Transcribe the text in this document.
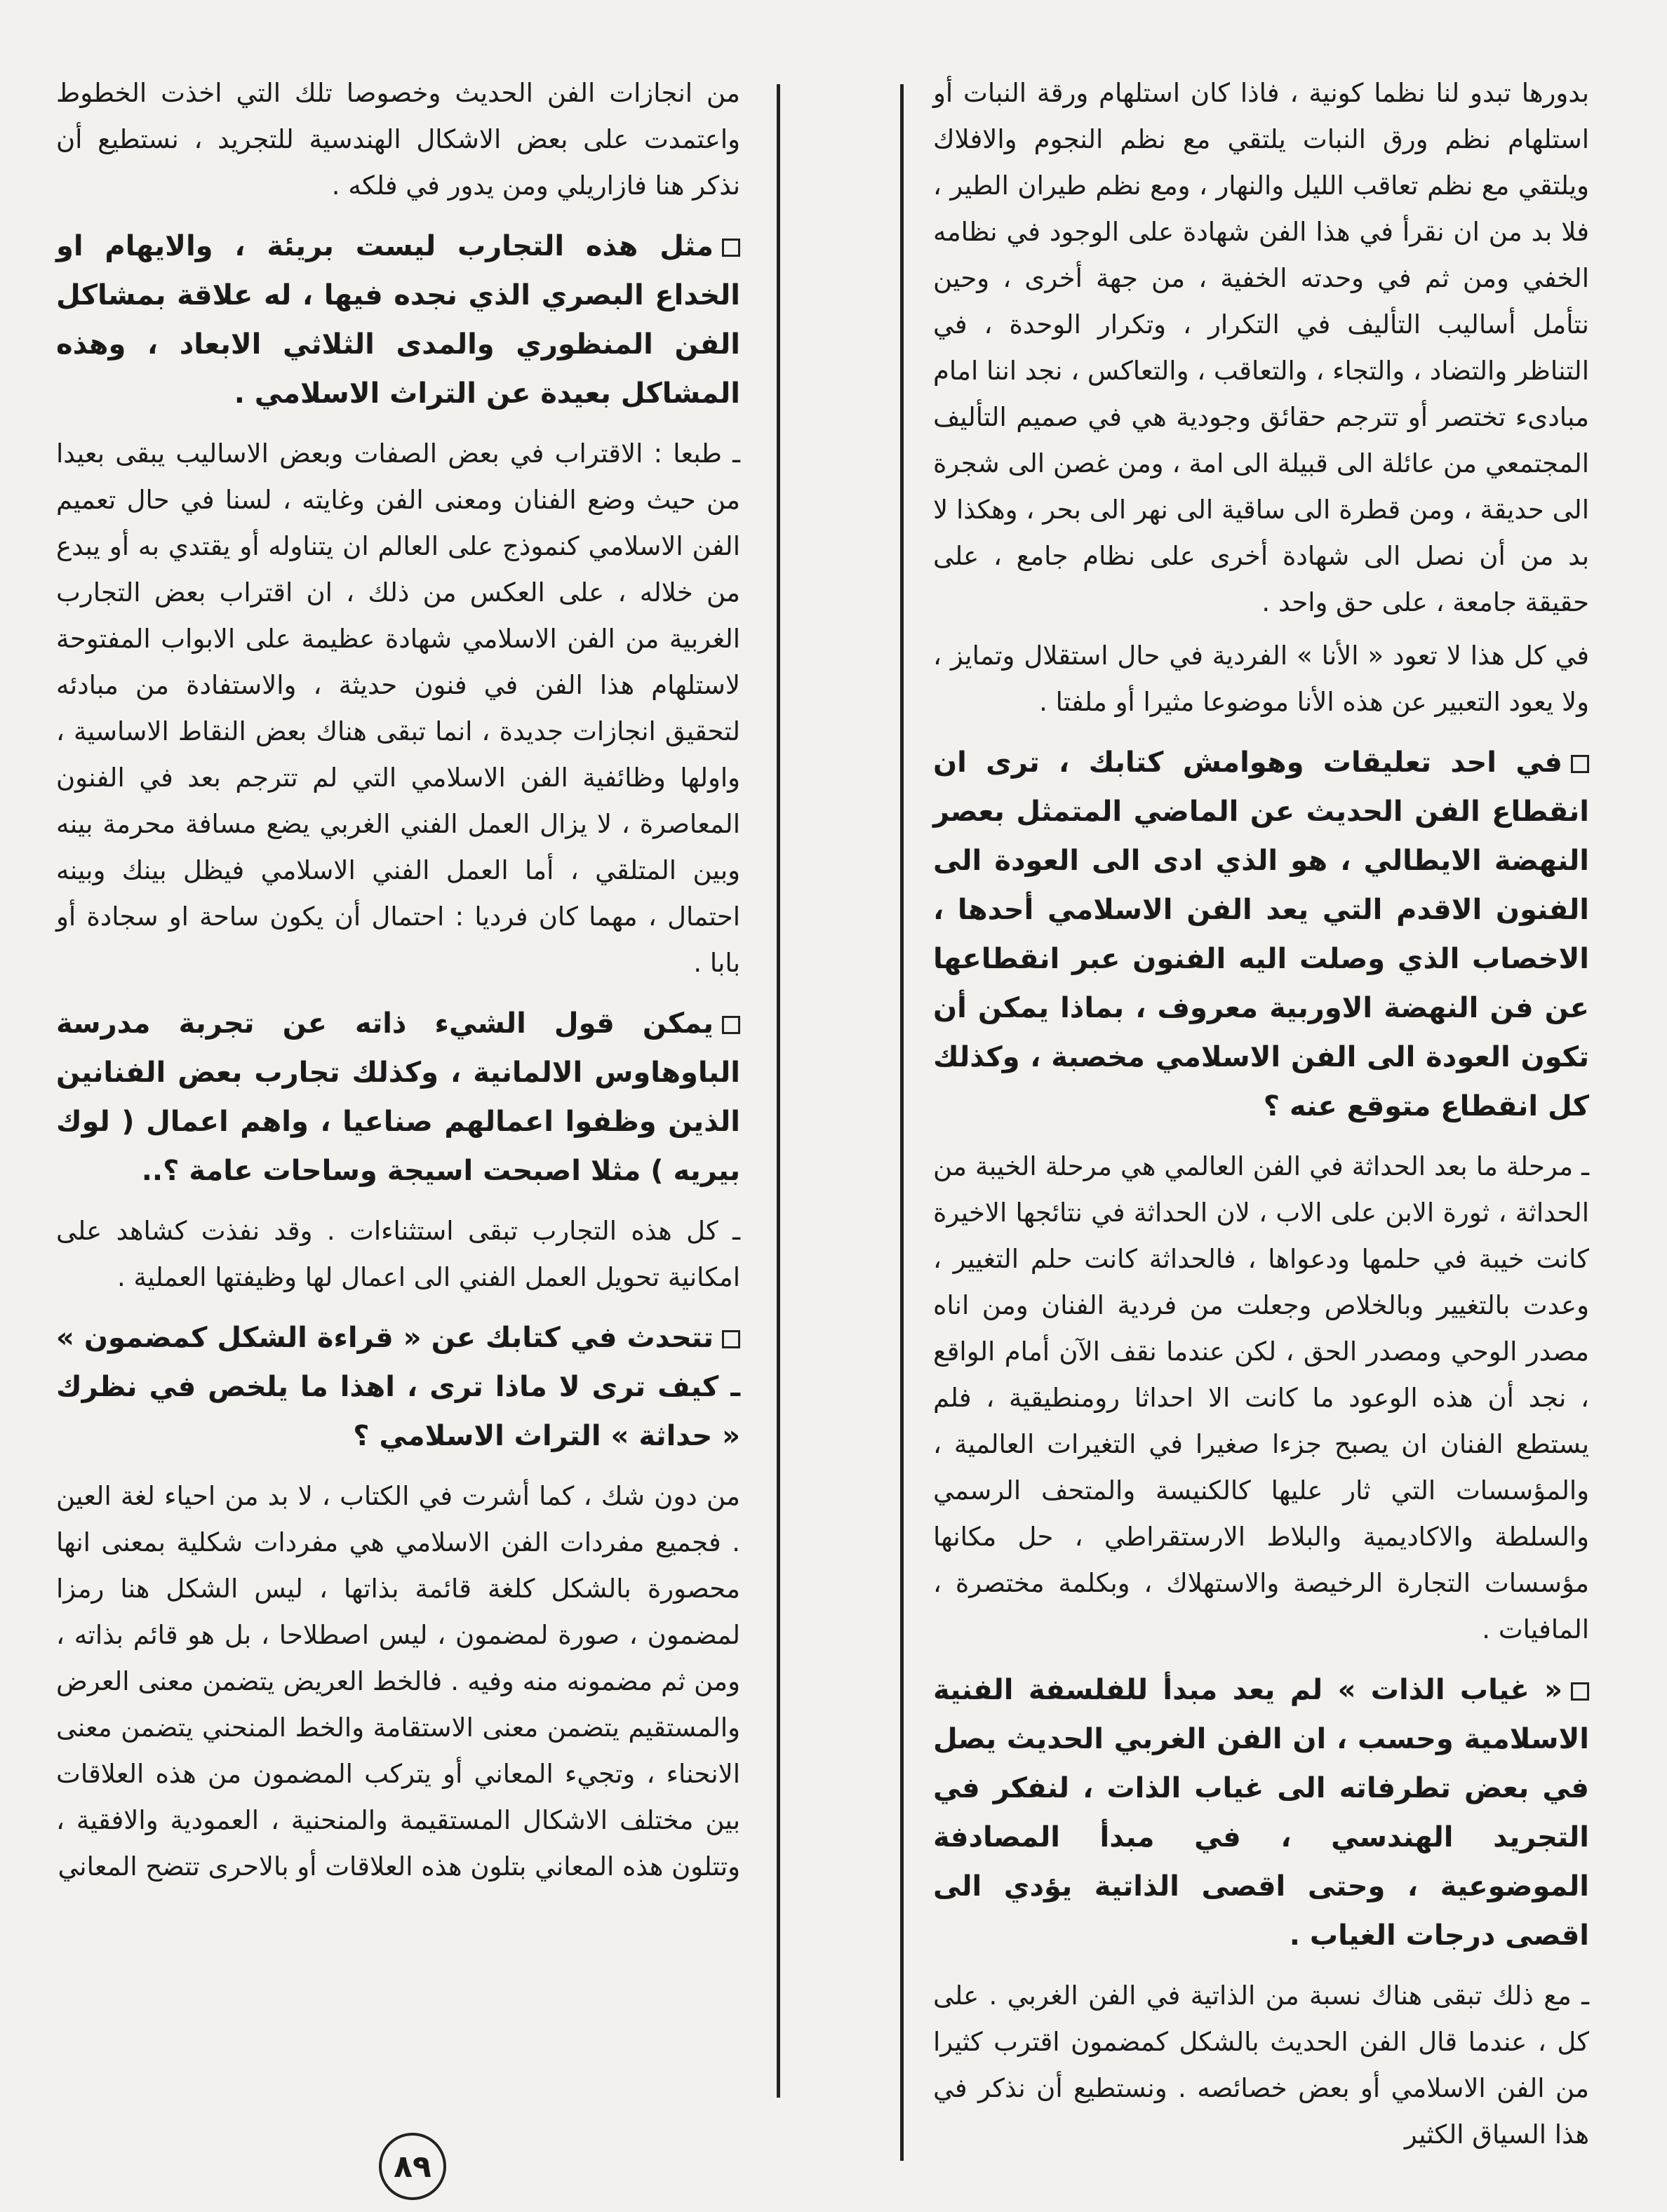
بدورها تبدو لنا نظما كونية ، فاذا كان استلهام ورقة النبات أو استلهام نظم ورق النبات يلتقي مع نظم النجوم والافلاك ويلتقي مع نظم تعاقب الليل والنهار ، ومع نظم طيران الطير ، فلا بد من ان نقرأ في هذا الفن شهادة على الوجود في نظامه الخفي ومن ثم في وحدته الخفية ، من جهة أخرى ، وحين نتأمل أساليب التأليف في التكرار ، وتكرار الوحدة ، في التناظر والتضاد ، والتجاء ، والتعاقب ، والتعاكس ، نجد اننا امام مبادىء تختصر أو تترجم حقائق وجودية هي في صميم التأليف المجتمعي من عائلة الى قبيلة الى امة ، ومن غصن الى شجرة الى حديقة ، ومن قطرة الى ساقية الى نهر الى بحر ، وهكذا لا بد من أن نصل الى شهادة أخرى على نظام جامع ، على حقيقة جامعة ، على حق واحد .

في كل هذا لا تعود « الأنا » الفردية في حال استقلال وتمايز ، ولا يعود التعبير عن هذه الأنا موضوعا مثيرا أو ملفتا .

في احد تعليقات وهوامش كتابك ، ترى ان انقطاع الفن الحديث عن الماضي المتمثل بعصر النهضة الايطالي ، هو الذي ادى الى العودة الى الفنون الاقدم التي يعد الفن الاسلامي أحدها ، الاخصاب الذي وصلت اليه الفنون عبر انقطاعها عن فن النهضة الاوربية معروف ، بماذا يمكن أن تكون العودة الى الفن الاسلامي مخصبة ، وكذلك كل انقطاع متوقع عنه ؟

ـ مرحلة ما بعد الحداثة في الفن العالمي هي مرحلة الخيبة من الحداثة ، ثورة الابن على الاب ، لان الحداثة في نتائجها الاخيرة كانت خيبة في حلمها ودعواها ، فالحداثة كانت حلم التغيير ، وعدت بالتغيير وبالخلاص وجعلت من فردية الفنان ومن اناه مصدر الوحي ومصدر الحق ، لكن عندما نقف الآن أمام الواقع ، نجد أن هذه الوعود ما كانت الا احداثا رومنطيقية ، فلم يستطع الفنان ان يصبح جزءا صغيرا في التغيرات العالمية ، والمؤسسات التي ثار عليها كالكنيسة والمتحف الرسمي والسلطة والاكاديمية والبلاط الارستقراطي ، حل مكانها مؤسسات التجارة الرخيصة والاستهلاك ، وبكلمة مختصرة ، المافيات .

« غياب الذات » لم يعد مبدأ للفلسفة الفنية الاسلامية وحسب ، ان الفن الغربي الحديث يصل في بعض تطرفاته الى غياب الذات ، لنفكر في التجريد الهندسي ، في مبدأ المصادفة الموضوعية ، وحتى اقصى الذاتية يؤدي الى اقصى درجات الغياب .

ـ مع ذلك تبقى هناك نسبة من الذاتية في الفن الغربي . على كل ، عندما قال الفن الحديث بالشكل كمضمون اقترب كثيرا من الفن الاسلامي أو بعض خصائصه . ونستطيع أن نذكر في هذا السياق الكثير

من انجازات الفن الحديث وخصوصا تلك التي اخذت الخطوط واعتمدت على بعض الاشكال الهندسية للتجريد ، نستطيع أن نذكر هنا فازاريلي ومن يدور في فلكه .

مثل هذه التجارب ليست بريئة ، والايهام او الخداع البصري الذي نجده فيها ، له علاقة بمشاكل الفن المنظوري والمدى الثلاثي الابعاد ، وهذه المشاكل بعيدة عن التراث الاسلامي .

ـ طبعا : الاقتراب في بعض الصفات وبعض الاساليب يبقى بعيدا من حيث وضع الفنان ومعنى الفن وغايته ، لسنا في حال تعميم الفن الاسلامي كنموذج على العالم ان يتناوله أو يقتدي به أو يبدع من خلاله ، على العكس من ذلك ، ان اقتراب بعض التجارب الغربية من الفن الاسلامي شهادة عظيمة على الابواب المفتوحة لاستلهام هذا الفن في فنون حديثة ، والاستفادة من مبادئه لتحقيق انجازات جديدة ، انما تبقى هناك بعض النقاط الاساسية ، واولها وظائفية الفن الاسلامي التي لم تترجم بعد في الفنون المعاصرة ، لا يزال العمل الفني الغربي يضع مسافة محرمة بينه وبين المتلقي ، أما العمل الفني الاسلامي فيظل بينك وبينه احتمال ، مهما كان فرديا : احتمال أن يكون ساحة او سجادة أو بابا .

يمكن قول الشيء ذاته عن تجربة مدرسة الباوهاوس الالمانية ، وكذلك تجارب بعض الفنانين الذين وظفوا اعمالهم صناعيا ، واهم اعمال ( لوك بيريه ) مثلا اصبحت اسيجة وساحات عامة ؟..

ـ كل هذه التجارب تبقى استثناءات . وقد نفذت كشاهد على امكانية تحويل العمل الفني الى اعمال لها وظيفتها العملية .

تتحدث في كتابك عن « قراءة الشكل كمضمون » ـ كيف ترى لا ماذا ترى ، اهذا ما يلخص في نظرك « حداثة » التراث الاسلامي ؟

من دون شك ، كما أشرت في الكتاب ، لا بد من احياء لغة العين . فجميع مفردات الفن الاسلامي هي مفردات شكلية بمعنى انها محصورة بالشكل كلغة قائمة بذاتها ، ليس الشكل هنا رمزا لمضمون ، صورة لمضمون ، ليس اصطلاحا ، بل هو قائم بذاته ، ومن ثم مضمونه منه وفيه . فالخط العريض يتضمن معنى العرض والمستقيم يتضمن معنى الاستقامة والخط المنحني يتضمن معنى الانحناء ، وتجيء المعاني أو يتركب المضمون من هذه العلاقات بين مختلف الاشكال المستقيمة والمنحنية ، العمودية والافقية ، وتتلون هذه المعاني بتلون هذه العلاقات أو بالاحرى تتضح المعاني

٨٩
